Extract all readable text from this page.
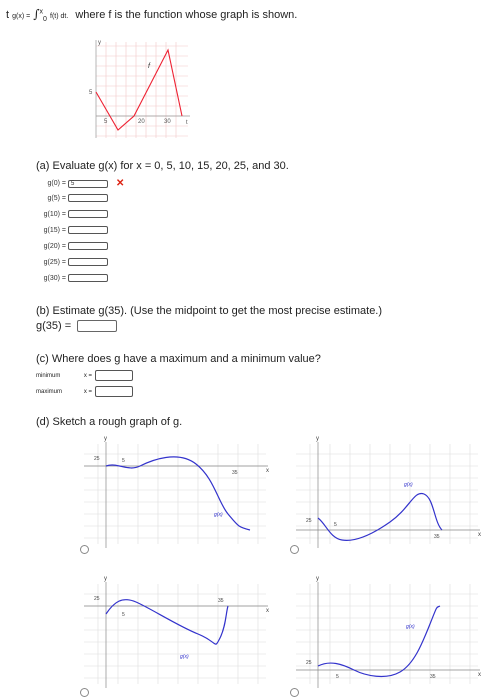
t g(x) = ∫$^x_0$ f(t) dt. where f is the function whose graph is shown.
y
t
f
5
5	20	30
(a) Evaluate g(x) for x = 0, 5, 10, 15, 20, 25, and 30.
g(0) = 5	✕
g(5) =
g(10) =
g(15) =
g(20) =
g(25) =
g(30) =
(b) Estimate g(35). (Use the midpoint to get the most precise estimate.)
g(35) =
(c) Where does g have a maximum and a minimum value?
minimum	x =
maximum	x =
(d) Sketch a rough graph of g.
y
x
25	5
35
g(x)
y
x
25
5
35
g(x)
y
x
25
5
35
g(x)
y
x
25
5	35
g(x)
